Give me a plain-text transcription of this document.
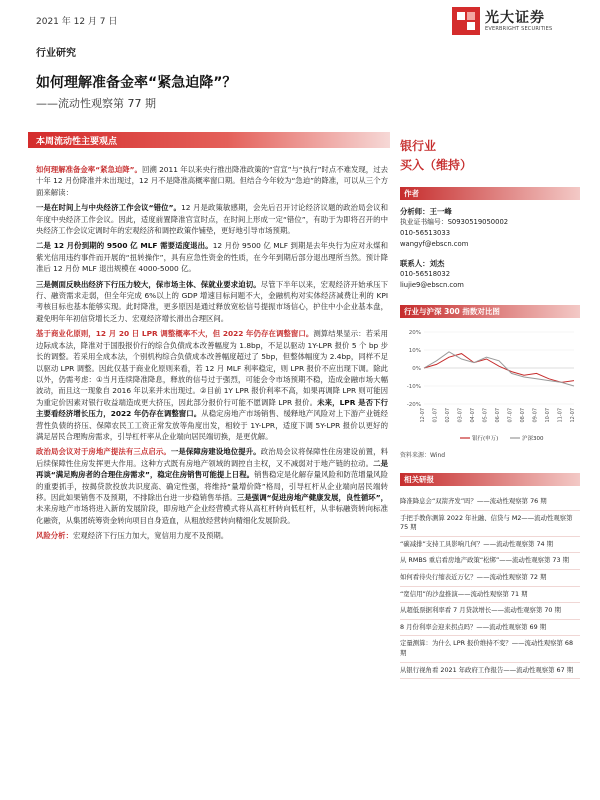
2021 年 12 月 7 日	光大证券
EVERBRIGHT SECURITIES
行业研究
如何理解准备金率“紧急迫降”？
——流动性观察第 77 期
本周流动性主要观点

如何理解准备金率“紧急迫降”。回溯 2011 年以来央行推出降准政策的“官宣”与“执行”时点不难发现，过去十年 12 月份降准并未出现过，12 月不是降准高概率窗口期。但结合今年较为“急迫”的降准，可以从三个方面来解读：

一是在时间上与中央经济工作会议“错位”。12 月是政策敏感期，会先后召开讨论经济议题的政治局会议和年度中央经济工作会议。因此，适度前置降准官宣时点，在时间上形成一定“错位”，有助于为即将召开的中央经济工作会议定调时年的宏观经济和调控政策作铺垫，更好地引导市场预期。

二是 12 月份到期的 9500 亿 MLF 需要适度退出。12 月份 9500 亿 MLF 到期是去年央行为应对永煤和紫光信用违约事件而开展的“扭转操作”，具有应急性资金的性质，在今年到期后部分退出理所当然。预计降准后 12 月份 MLF 退出规模在 4000-5000 亿。

三是侧面反映出经济下行压力较大，保市场主体、保就业要求迫切。尽管下半年以来，宏观经济开始承压下行、融资需求走弱，但全年完成 6%以上的 GDP 增速目标问题不大，金融机构对实体经济减费让利的 KPI 考核目标也基本能够实现。此时降准，更多原因是通过释放宽松信号提振市场信心，护住中小企业基本盘，避免明年年初信贷增长乏力、宏观经济增长滑出合理区间。

基于商业化原则，12 月 20 日 LPR 调整概率不大，但 2022 年仍存在调整窗口。测算结果显示：若采用边际成本法，降准对于国股报价行的综合负债成本改善幅度为 1.8bp，不足以驱动 1Y-LPR 报价 5 个 bp 步长的调整。若采用全成本法，个别机构综合负债成本改善幅度超过了 5bp，但整体幅度为 2.4bp，同样不足以驱动 LPR 调整。因此仅基于商业化原则来看，若 12 月 MLF 利率稳定，则 LPR 报价不应出现下调。除此以外，仍需考虑：①当月连续降准降息，释放的信号过于强烈，可能会令市场预期不稳，造成金融市场大幅波动，而且这一现象自 2016 年以来并未出现过。②目前 1Y LPR 报价利率不高，如果再调降 LPR 则可能因为重定价因素对银行收益端造成更大挤压，因此部分报价行可能不愿调降 LPR 报价。未来，LPR 是否下行主要看经济增长压力，2022 年仍存在调整窗口。从稳定房地产市场销售、缓释地产风险对上下游产业链经营性负债的挤压、保障农民工工资正常发放等角度出发，相较于 1Y-LPR，适度下调 5Y-LPR 报价以更好的满足居民合理购房需求，引导杠杆率从企业端向居民端切换，是更优解。

政治局会议对于房地产提法有三点启示。一是保障房建设地位提升。政治局会议将保障性住房建设前置，料后续保障性住房发挥更大作用。这种方式既有房地产领域的调控自主权，又不减弱对于地产链的拉动。二是再谈“满足购房者的合理住房需求”，稳定住房销售可能提上日程。销售稳定是化解存量风险和防范增量风险的重要抓手，按揭贷款投放共识度高、确定性强，将维持“量增价降”格局，引导杠杆从企业端向居民端转移。因此如果销售不及预期，不排除出台进一步稳销售举措。三是强调“促进房地产健康发展，良性循环”，未来房地产市场将进入新的发展阶段，即房地产企业经营模式将从高杠杆转向低杠杆，从非标融资转向标准化融资，从集团统筹资金转向项目自身造血，从粗放经营转向精细化发展阶段。

风险分析：宏观经济下行压力加大，宽信用力度不及预期。

银行业
买入（维持）
作者
分析师：王一峰
执业证书编号：S0930519050002
010-56513033
wangyf@ebscn.com
联系人：刘杰
010-56518032
liujie9@ebscn.com
行业与沪深 300 指数对比图
20%
10%
0%
-10%
-20%
12-07 01-07 02-07 03-07 04-07 05-07 06-07 07-07 08-07 09-07 10-07 11-07 12-07
银行(申万)	沪深300
资料来源：Wind
相关研报
降准降息会“双箭齐发”吗？——流动性观察第 76 期
手把手教你测算 2022 年社融、信贷与 M2——流动性观察第 75 期
“碳减排”支持工具影响几何？——流动性观察第 74 期
从 RMBS 重启看房地产政策“松绑”——流动性观察第 73 期
如何看待央行缩表近万亿？——流动性观察第 72 期
“宽信用”的沙盘推演——流动性观察第 71 期
从超低票据利率看 7 月贷款增长——流动性观察第 70 期
8 月份利率会迎来拐点吗？——流动性观察第 69 期
定量测算：为什么 LPR 报价维持不变？——流动性观察第 68 期
从银行视角看 2021 年政府工作报告——流动性观察第 67 期
